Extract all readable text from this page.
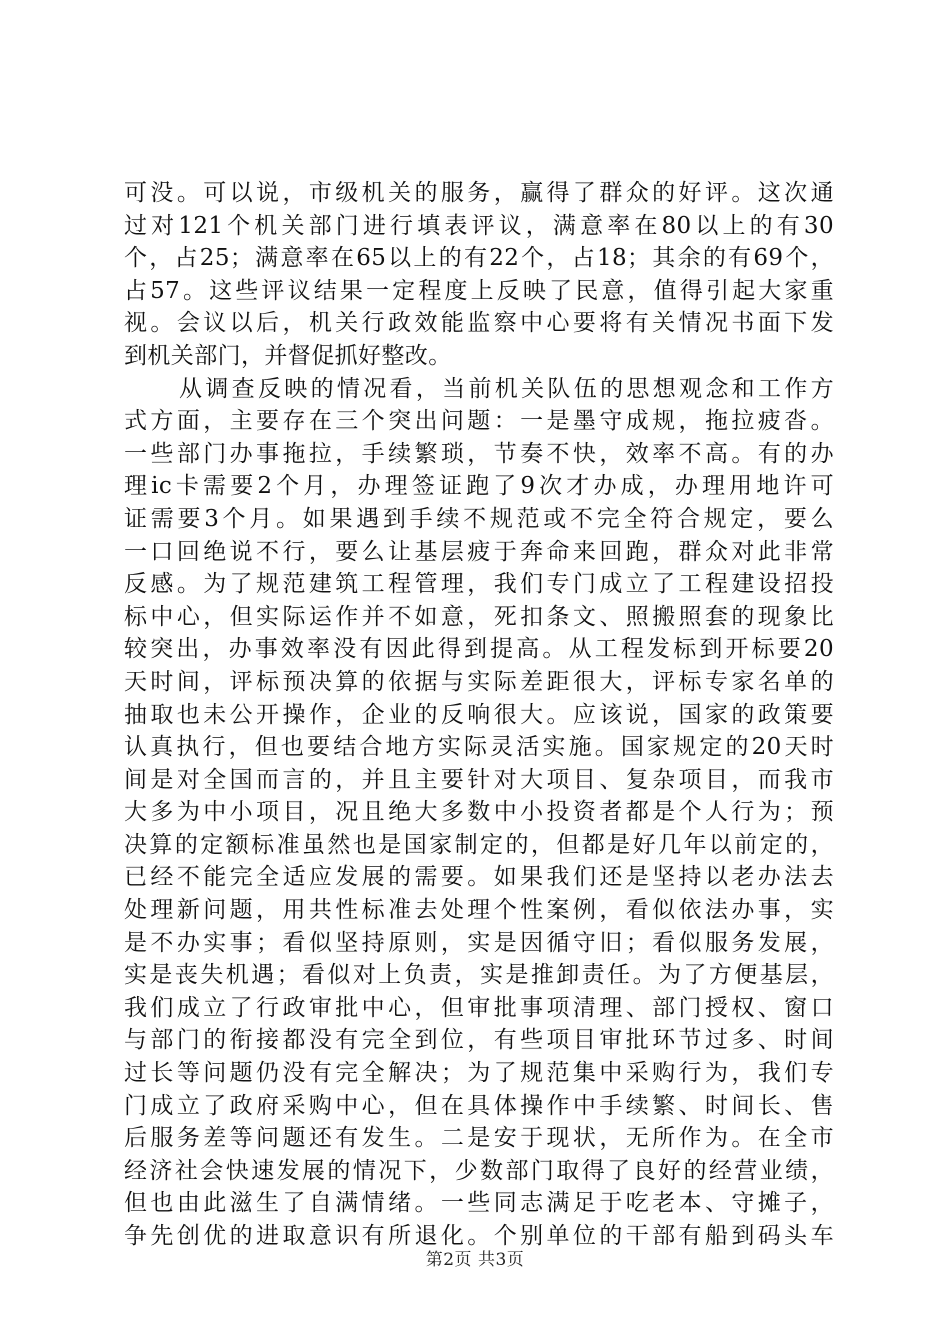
可没。可以说，市级机关的服务，赢得了群众的好评。这次通
过对121个机关部门进行填表评议，满意率在80以上的有30
个，占25；满意率在65以上的有22个，占18；其余的有69个，
占57。这些评议结果一定程度上反映了民意，值得引起大家重
视。会议以后，机关行政效能监察中心要将有关情况书面下发
到机关部门，并督促抓好整改。
从调查反映的情况看，当前机关队伍的思想观念和工作方
式方面，主要存在三个突出问题：一是墨守成规，拖拉疲沓。
一些部门办事拖拉，手续繁琐，节奏不快，效率不高。有的办
理ic卡需要2个月，办理签证跑了9次才办成，办理用地许可
证需要3个月。如果遇到手续不规范或不完全符合规定，要么
一口回绝说不行，要么让基层疲于奔命来回跑，群众对此非常
反感。为了规范建筑工程管理，我们专门成立了工程建设招投
标中心，但实际运作并不如意，死扣条文、照搬照套的现象比
较突出，办事效率没有因此得到提高。从工程发标到开标要20
天时间，评标预决算的依据与实际差距很大，评标专家名单的
抽取也未公开操作，企业的反响很大。应该说，国家的政策要
认真执行，但也要结合地方实际灵活实施。国家规定的20天时
间是对全国而言的，并且主要针对大项目、复杂项目，而我市
大多为中小项目，况且绝大多数中小投资者都是个人行为；预
决算的定额标准虽然也是国家制定的，但都是好几年以前定的，
已经不能完全适应发展的需要。如果我们还是坚持以老办法去
处理新问题，用共性标准去处理个性案例，看似依法办事，实
是不办实事；看似坚持原则，实是因循守旧；看似服务发展，
实是丧失机遇；看似对上负责，实是推卸责任。为了方便基层，
我们成立了行政审批中心，但审批事项清理、部门授权、窗口
与部门的衔接都没有完全到位，有些项目审批环节过多、时间
过长等问题仍没有完全解决；为了规范集中采购行为，我们专
门成立了政府采购中心，但在具体操作中手续繁、时间长、售
后服务差等问题还有发生。二是安于现状，无所作为。在全市
经济社会快速发展的情况下，少数部门取得了良好的经营业绩，
但也由此滋生了自满情绪。一些同志满足于吃老本、守摊子，
争先创优的进取意识有所退化。个别单位的干部有船到码头车
第2页 共3页
